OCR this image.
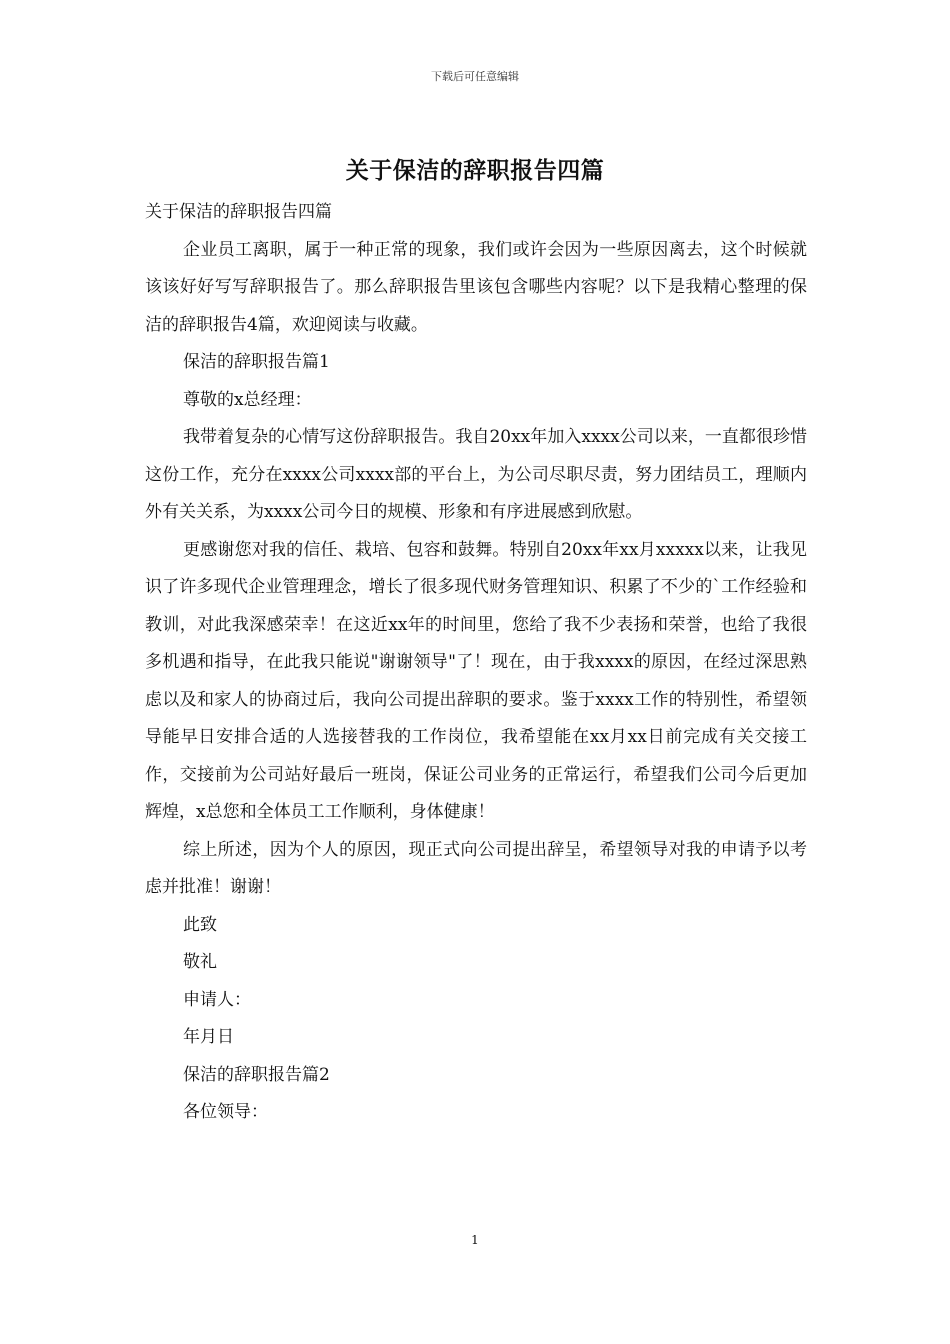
下载后可任意编辑
关于保洁的辞职报告四篇

关于保洁的辞职报告四篇

企业员工离职，属于一种正常的现象，我们或许会因为一些原因离去，这个时候就该该好好写写辞职报告了。那么辞职报告里该包含哪些内容呢？以下是我精心整理的保洁的辞职报告4篇，欢迎阅读与收藏。

保洁的辞职报告篇1

尊敬的x总经理：

我带着复杂的心情写这份辞职报告。我自20xx年加入xxxx公司以来，一直都很珍惜这份工作，充分在xxxx公司xxxx部的平台上，为公司尽职尽责，努力团结员工，理顺内外有关关系，为xxxx公司今日的规模、形象和有序进展感到欣慰。

更感谢您对我的信任、栽培、包容和鼓舞。特别自20xx年xx月xxxxx以来，让我见识了许多现代企业管理理念，增长了很多现代财务管理知识、积累了不少的`工作经验和教训，对此我深感荣幸！在这近xx年的时间里，您给了我不少表扬和荣誉，也给了我很多机遇和指导，在此我只能说"谢谢领导"了！现在，由于我xxxx的原因，在经过深思熟虑以及和家人的协商过后，我向公司提出辞职的要求。鉴于xxxx工作的特别性，希望领导能早日安排合适的人选接替我的工作岗位，我希望能在xx月xx日前完成有关交接工作，交接前为公司站好最后一班岗，保证公司业务的正常运行，希望我们公司今后更加辉煌，x总您和全体员工工作顺利，身体健康！

综上所述，因为个人的原因，现正式向公司提出辞呈，希望领导对我的申请予以考虑并批准！谢谢！

此致

敬礼

申请人：

年月日

保洁的辞职报告篇2

各位领导：

1
